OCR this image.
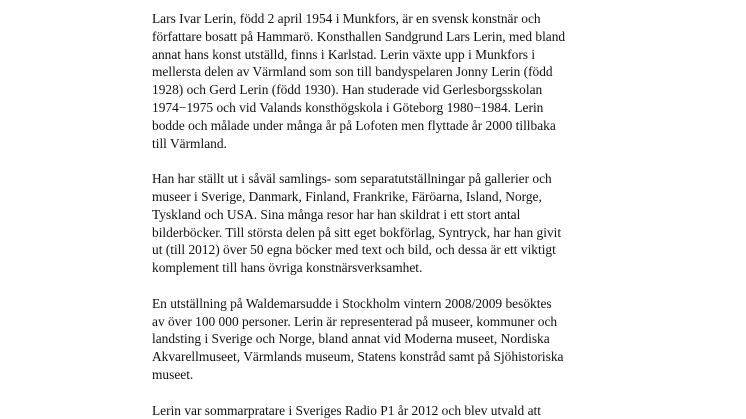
Lars Ivar Lerin, född 2 april 1954 i Munkfors, är en svensk konstnär och
författare bosatt på Hammarö. Konsthallen Sandgrund Lars Lerin, med bland
annat hans konst utställd, finns i Karlstad. Lerin växte upp i Munkfors i
mellersta delen av Värmland som son till bandyspelaren Jonny Lerin (född
1928) och Gerd Lerin (född 1930). Han studerade vid Gerlesborgsskolan
1974−1975 och vid Valands konsthögskola i Göteborg 1980−1984. Lerin
bodde och målade under många år på Lofoten men flyttade år 2000 tillbaka
till Värmland.

Han har ställt ut i såväl samlings- som separatutställningar på gallerier och
museer i Sverige, Danmark, Finland, Frankrike, Färöarna, Island, Norge,
Tyskland och USA. Sina många resor har han skildrat i ett stort antal
bilderböcker. Till största delen på sitt eget bokförlag, Syntryck, har han givit
ut (till 2012) över 50 egna böcker med text och bild, och dessa är ett viktigt
komplement till hans övriga konstnärsverksamhet.

En utställning på Waldemarsudde i Stockholm vintern 2008/2009 besöktes
av över 100 000 personer. Lerin är representerad på museer, kommuner och
landsting i Sverige och Norge, bland annat vid Moderna museet, Nordiska
Akvarellmuseet, Värmlands museum, Statens konstråd samt på Sjöhistoriska
museet.

Lerin var sommarpratare i Sveriges Radio P1 år 2012 och blev utvald att
